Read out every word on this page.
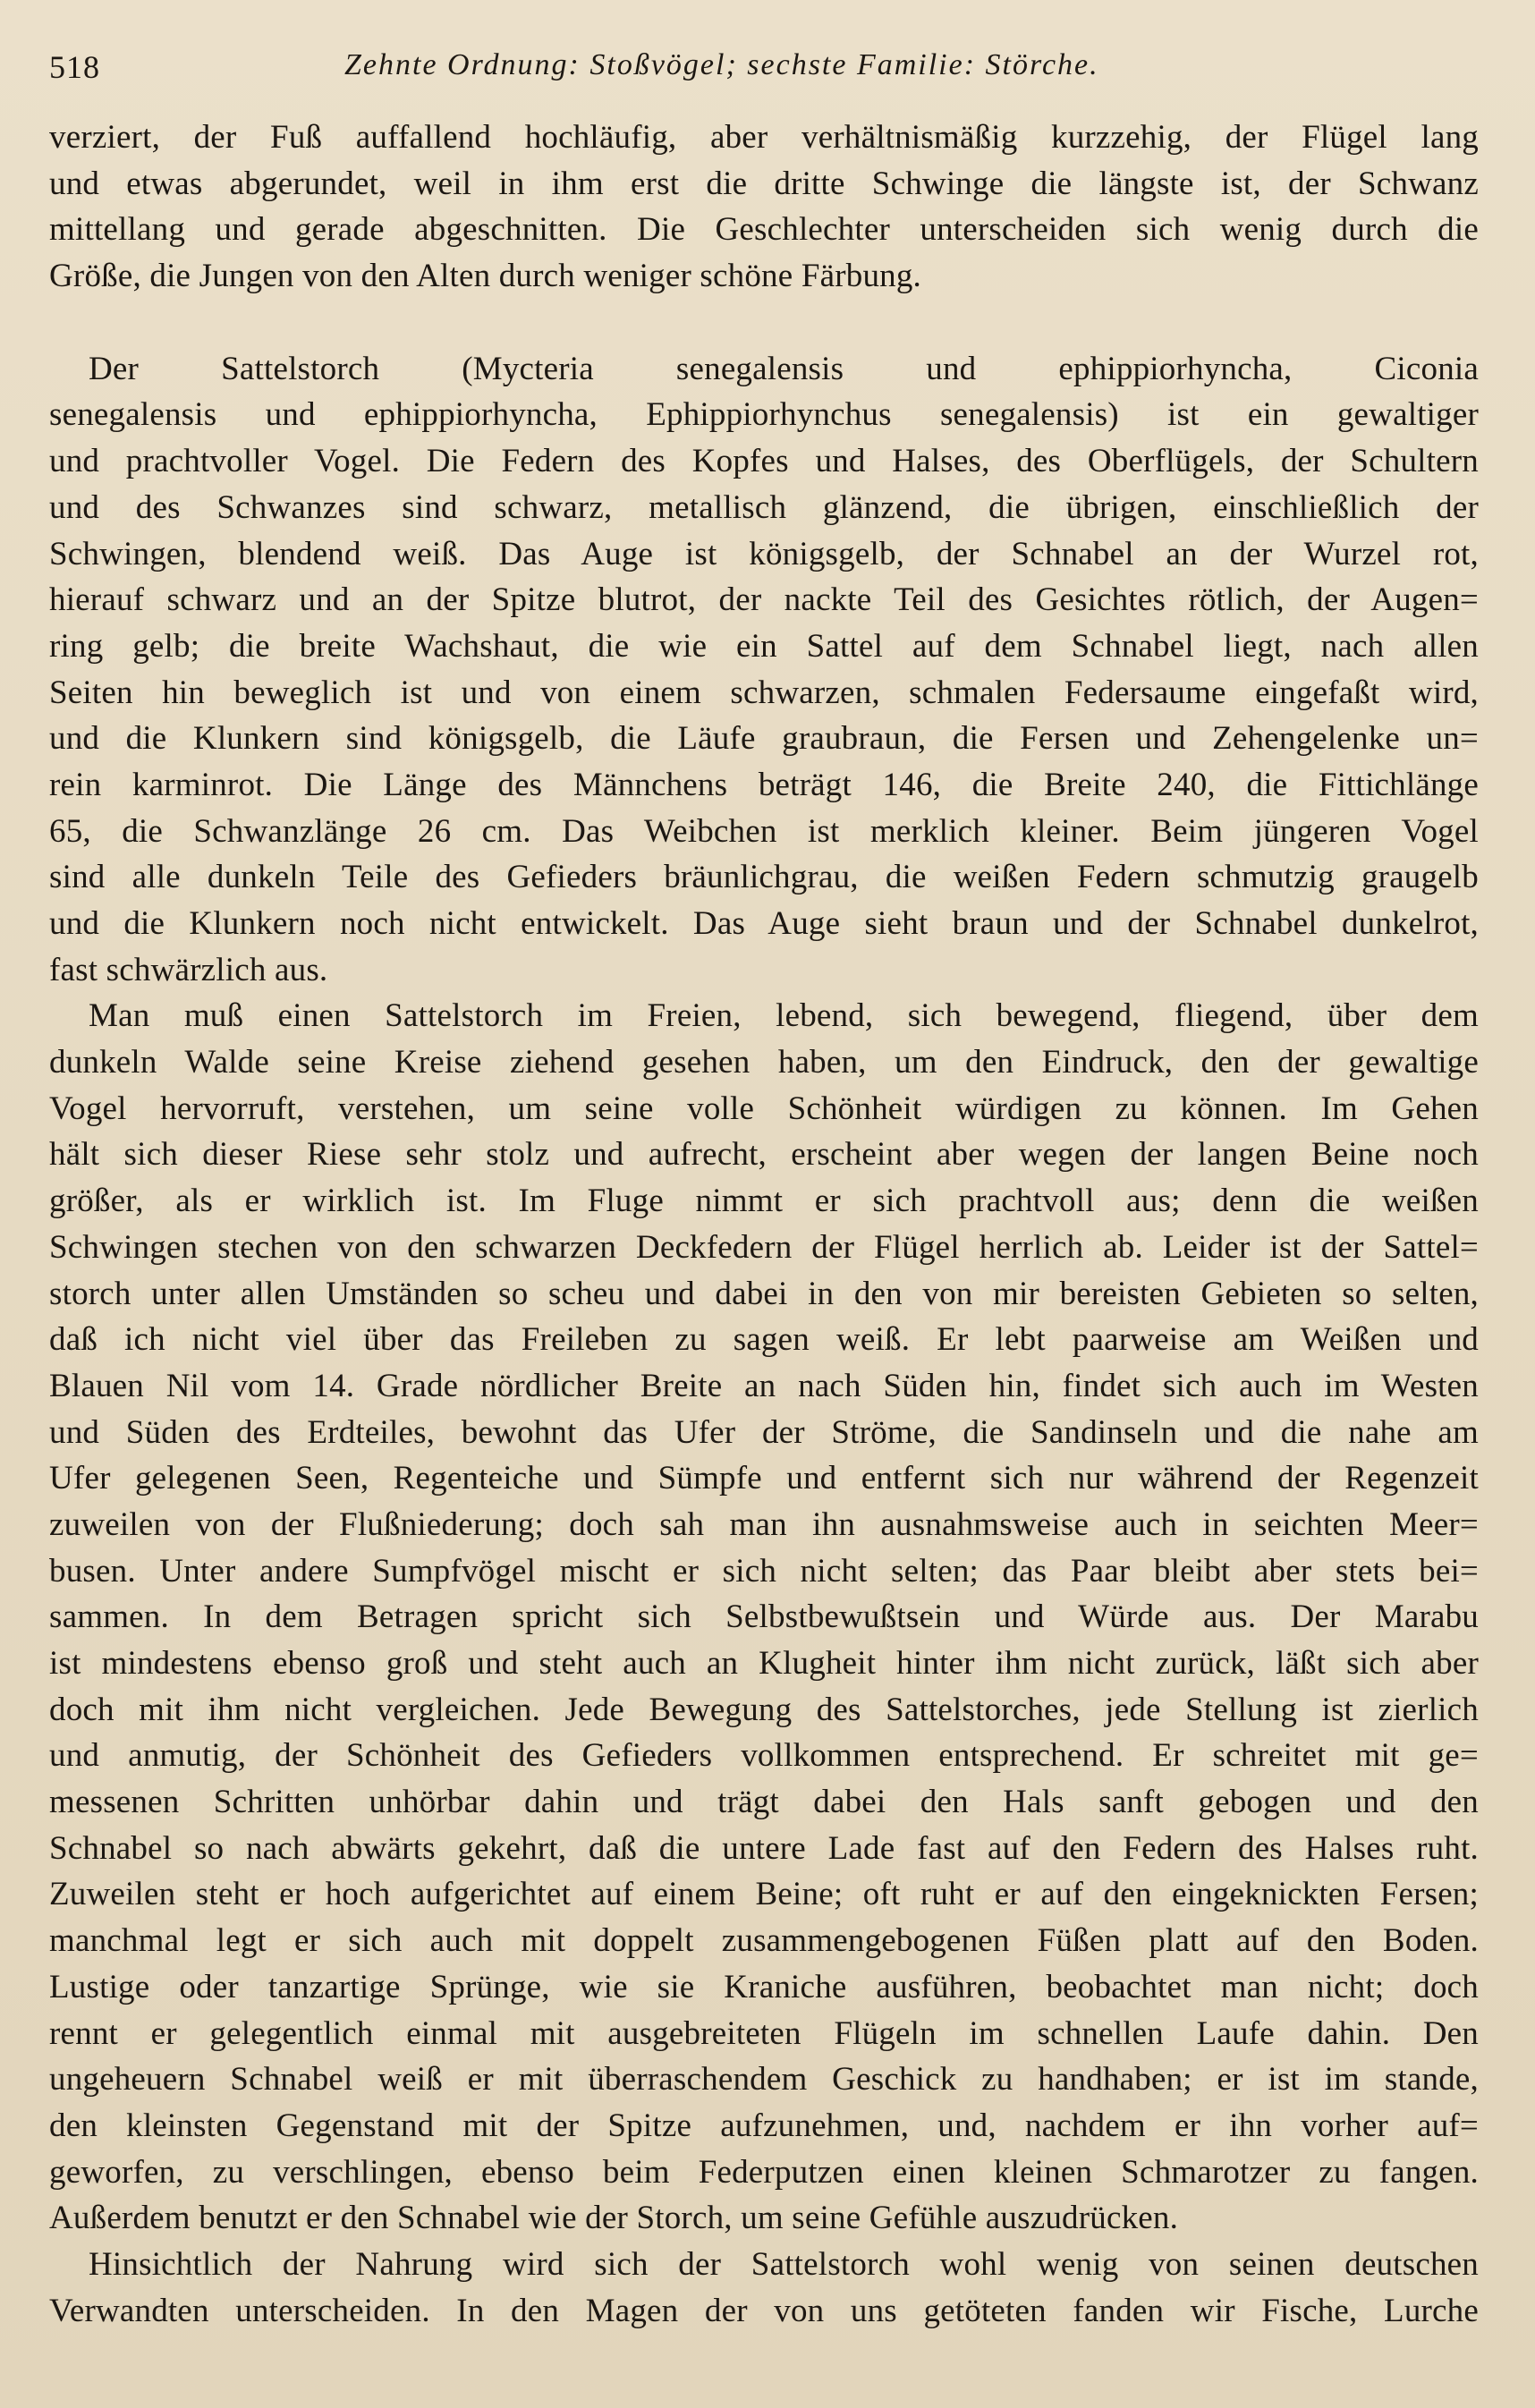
518	Zehnte Ordnung: Stoßvögel; sechste Familie: Störche.
verziert, der Fuß auffallend hochläufig, aber verhältnismäßig kurzzehig, der Flügel lang
und etwas abgerundet, weil in ihm erst die dritte Schwinge die längste ist, der Schwanz
mittellang und gerade abgeschnitten. Die Geschlechter unterscheiden sich wenig durch die
Größe, die Jungen von den Alten durch weniger schöne Färbung.
Der Sattelstorch (Mycteria senegalensis und ephippiorhyncha, Ciconia
senegalensis und ephippiorhyncha, Ephippiorhynchus senegalensis) ist ein gewaltiger
und prachtvoller Vogel. Die Federn des Kopfes und Halses, des Oberflügels, der Schultern
und des Schwanzes sind schwarz, metallisch glänzend, die übrigen, einschließlich der
Schwingen, blendend weiß. Das Auge ist königsgelb, der Schnabel an der Wurzel rot,
hierauf schwarz und an der Spitze blutrot, der nackte Teil des Gesichtes rötlich, der Augen=
ring gelb; die breite Wachshaut, die wie ein Sattel auf dem Schnabel liegt, nach allen
Seiten hin beweglich ist und von einem schwarzen, schmalen Federsaume eingefaßt wird,
und die Klunkern sind königsgelb, die Läufe graubraun, die Fersen und Zehengelenke un=
rein karminrot. Die Länge des Männchens beträgt 146, die Breite 240, die Fittichlänge
65, die Schwanzlänge 26 cm. Das Weibchen ist merklich kleiner. Beim jüngeren Vogel
sind alle dunkeln Teile des Gefieders bräunlichgrau, die weißen Federn schmutzig graugelb
und die Klunkern noch nicht entwickelt. Das Auge sieht braun und der Schnabel dunkelrot,
fast schwärzlich aus.
Man muß einen Sattelstorch im Freien, lebend, sich bewegend, fliegend, über dem
dunkeln Walde seine Kreise ziehend gesehen haben, um den Eindruck, den der gewaltige
Vogel hervorruft, verstehen, um seine volle Schönheit würdigen zu können. Im Gehen
hält sich dieser Riese sehr stolz und aufrecht, erscheint aber wegen der langen Beine noch
größer, als er wirklich ist. Im Fluge nimmt er sich prachtvoll aus; denn die weißen
Schwingen stechen von den schwarzen Deckfedern der Flügel herrlich ab. Leider ist der Sattel=
storch unter allen Umständen so scheu und dabei in den von mir bereisten Gebieten so selten,
daß ich nicht viel über das Freileben zu sagen weiß. Er lebt paarweise am Weißen und
Blauen Nil vom 14. Grade nördlicher Breite an nach Süden hin, findet sich auch im Westen
und Süden des Erdteiles, bewohnt das Ufer der Ströme, die Sandinseln und die nahe am
Ufer gelegenen Seen, Regenteiche und Sümpfe und entfernt sich nur während der Regenzeit
zuweilen von der Flußniederung; doch sah man ihn ausnahmsweise auch in seichten Meer=
busen. Unter andere Sumpfvögel mischt er sich nicht selten; das Paar bleibt aber stets bei=
sammen. In dem Betragen spricht sich Selbstbewußtsein und Würde aus. Der Marabu
ist mindestens ebenso groß und steht auch an Klugheit hinter ihm nicht zurück, läßt sich aber
doch mit ihm nicht vergleichen. Jede Bewegung des Sattelstorches, jede Stellung ist zierlich
und anmutig, der Schönheit des Gefieders vollkommen entsprechend. Er schreitet mit ge=
messenen Schritten unhörbar dahin und trägt dabei den Hals sanft gebogen und den
Schnabel so nach abwärts gekehrt, daß die untere Lade fast auf den Federn des Halses ruht.
Zuweilen steht er hoch aufgerichtet auf einem Beine; oft ruht er auf den eingeknickten Fersen;
manchmal legt er sich auch mit doppelt zusammengebogenen Füßen platt auf den Boden.
Lustige oder tanzartige Sprünge, wie sie Kraniche ausführen, beobachtet man nicht; doch
rennt er gelegentlich einmal mit ausgebreiteten Flügeln im schnellen Laufe dahin. Den
ungeheuern Schnabel weiß er mit überraschendem Geschick zu handhaben; er ist im stande,
den kleinsten Gegenstand mit der Spitze aufzunehmen, und, nachdem er ihn vorher auf=
geworfen, zu verschlingen, ebenso beim Federputzen einen kleinen Schmarotzer zu fangen.
Außerdem benutzt er den Schnabel wie der Storch, um seine Gefühle auszudrücken.
Hinsichtlich der Nahrung wird sich der Sattelstorch wohl wenig von seinen deutschen
Verwandten unterscheiden. In den Magen der von uns getöteten fanden wir Fische, Lurche
